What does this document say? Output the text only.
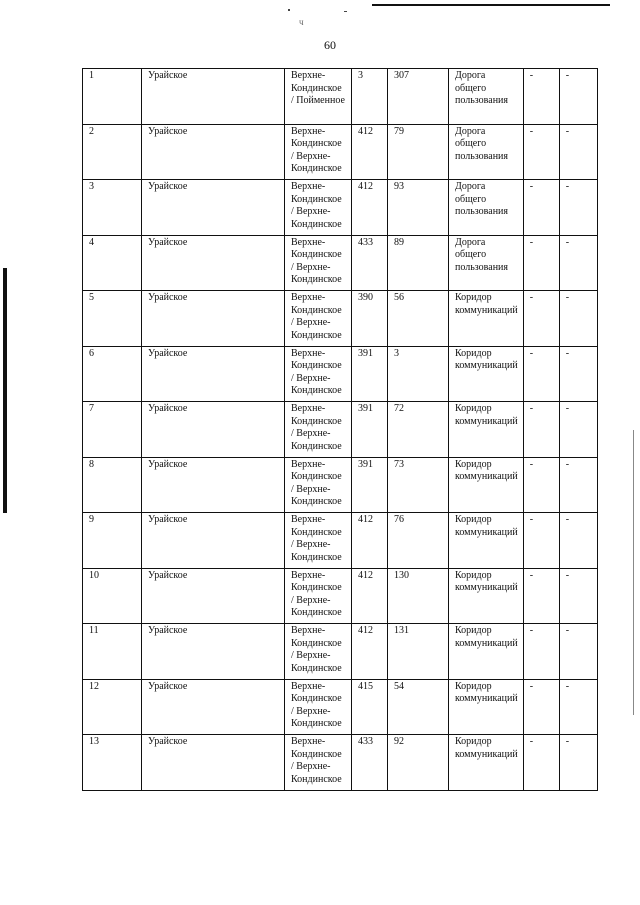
ч
60
1	Урайское	Верхне-Кондинское / Пойменное	3	307	Дорога общего пользования	-	-
2	Урайское	Верхне-Кондинское / Верхне-Кондинское	412	79	Дорога общего пользования	-	-
3	Урайское	Верхне-Кондинское / Верхне-Кондинское	412	93	Дорога общего пользования	-	-
4	Урайское	Верхне-Кондинское / Верхне-Кондинское	433	89	Дорога общего пользования	-	-
5	Урайское	Верхне-Кондинское / Верхне-Кондинское	390	56	Коридор коммуникаций	-	-
6	Урайское	Верхне-Кондинское / Верхне-Кондинское	391	3	Коридор коммуникаций	-	-
7	Урайское	Верхне-Кондинское / Верхне-Кондинское	391	72	Коридор коммуникаций	-	-
8	Урайское	Верхне-Кондинское / Верхне-Кондинское	391	73	Коридор коммуникаций	-	-
9	Урайское	Верхне-Кондинское / Верхне-Кондинское	412	76	Коридор коммуникаций	-	-
10	Урайское	Верхне-Кондинское / Верхне-Кондинское	412	130	Коридор коммуникаций	-	-
11	Урайское	Верхне-Кондинское / Верхне-Кондинское	412	131	Коридор коммуникаций	-	-
12	Урайское	Верхне-Кондинское / Верхне-Кондинское	415	54	Коридор коммуникаций	-	-
13	Урайское	Верхне-Кондинское / Верхне-Кондинское	433	92	Коридор коммуникаций	-	-
